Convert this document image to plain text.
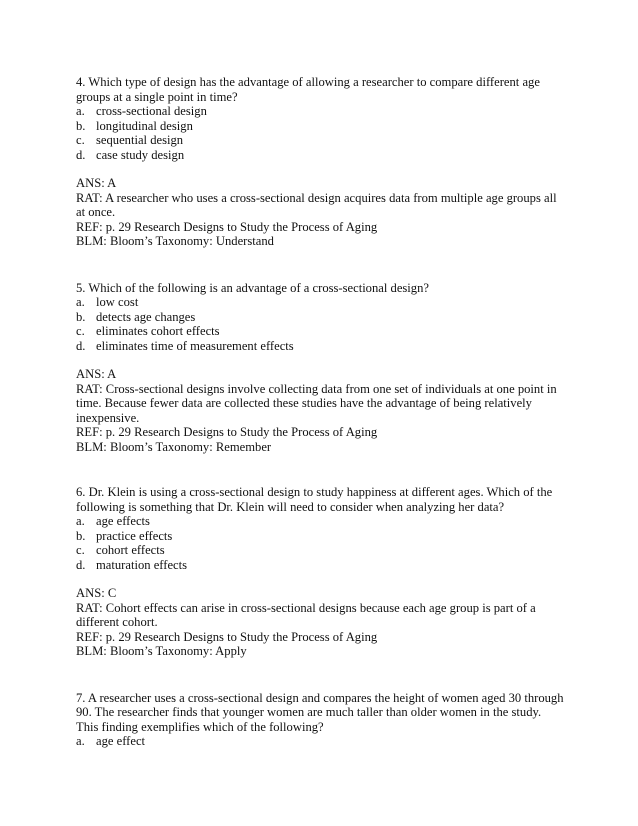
4. Which type of design has the advantage of allowing a researcher to compare different age groups at a single point in time?

a. cross-sectional design
b. longitudinal design
c. sequential design
d. case study design

ANS: A

RAT: A researcher who uses a cross-sectional design acquires data from multiple age groups all at once.

REF: p. 29 Research Designs to Study the Process of Aging

BLM: Bloom’s Taxonomy: Understand

5. Which of the following is an advantage of a cross-sectional design?

a. low cost
b. detects age changes
c. eliminates cohort effects
d. eliminates time of measurement effects

ANS: A

RAT: Cross-sectional designs involve collecting data from one set of individuals at one point in time. Because fewer data are collected these studies have the advantage of being relatively inexpensive.

REF: p. 29 Research Designs to Study the Process of Aging

BLM: Bloom’s Taxonomy: Remember

6. Dr. Klein is using a cross-sectional design to study happiness at different ages. Which of the following is something that Dr. Klein will need to consider when analyzing her data?

a. age effects
b. practice effects
c. cohort effects
d. maturation effects

ANS: C

RAT: Cohort effects can arise in cross-sectional designs because each age group is part of a different cohort.

REF: p. 29 Research Designs to Study the Process of Aging

BLM: Bloom’s Taxonomy: Apply

7. A researcher uses a cross-sectional design and compares the height of women aged 30 through 90. The researcher finds that younger women are much taller than older women in the study. This finding exemplifies which of the following?

a. age effect
